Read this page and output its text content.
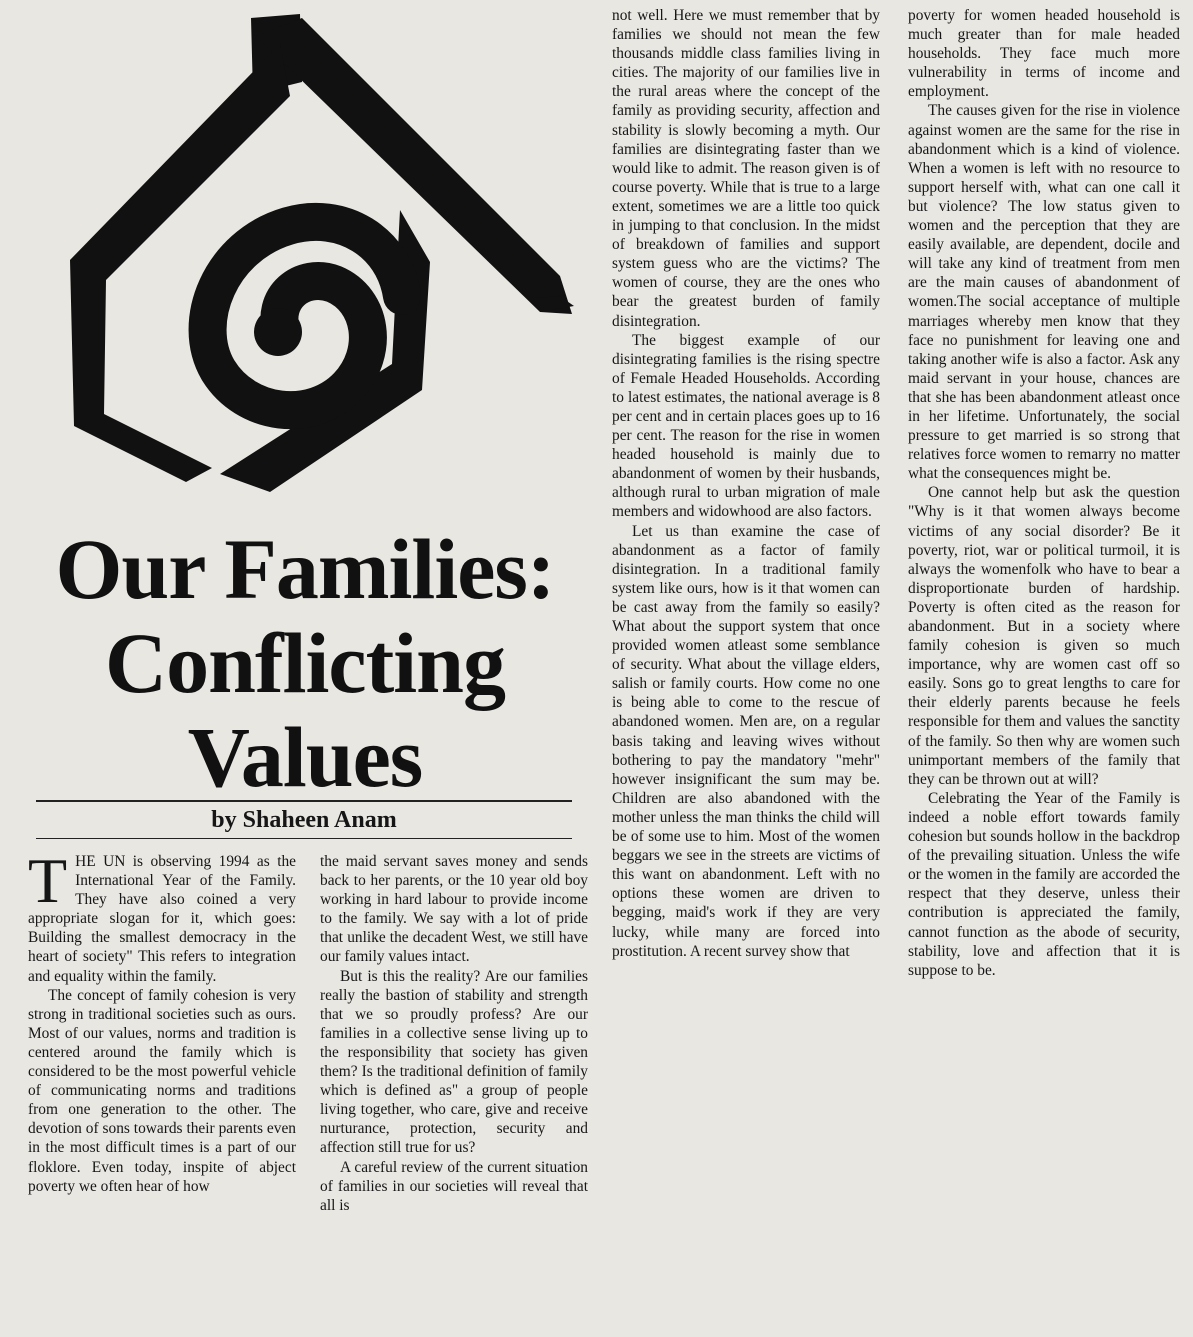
Our Families:
Conflicting
Values
by Shaheen Anam

THE UN is observing 1994 as the International Year of the Family. They have also coined a very appropriate slogan for it, which goes: Building the smallest democracy in the heart of society" This refers to integration and equality within the family.

The concept of family cohesion is very strong in traditional societies such as ours. Most of our values, norms and tradition is centered around the family which is considered to be the most powerful vehicle of communicating norms and traditions from one generation to the other. The devotion of sons towards their parents even in the most difficult times is a part of our floklore. Even today, inspite of abject poverty we often hear of how

the maid servant saves money and sends back to her parents, or the 10 year old boy working in hard labour to provide income to the family. We say with a lot of pride that unlike the decadent West, we still have our family values intact.

But is this the reality? Are our families really the bastion of stability and strength that we so proudly profess? Are our families in a collective sense living up to the responsibility that society has given them? Is the traditional definition of family which is defined as" a group of people living together, who care, give and receive nurturance, protection, security and affection still true for us?

A careful review of the current situation of families in our societies will reveal that all is

not well. Here we must remember that by families we should not mean the few thousands middle class families living in cities. The majority of our families live in the rural areas where the concept of the family as providing security, affection and stability is slowly becoming a myth. Our families are disintegrating faster than we would like to admit. The reason given is of course poverty. While that is true to a large extent, sometimes we are a little too quick in jumping to that conclusion. In the midst of breakdown of families and support system guess who are the victims? The women of course, they are the ones who bear the greatest burden of family disintegration.

The biggest example of our disintegrating families is the rising spectre of Female Headed Households. According to latest estimates, the national average is 8 per cent and in certain places goes up to 16 per cent. The reason for the rise in women headed household is mainly due to abandonment of women by their husbands, although rural to urban migration of male members and widowhood are also factors.

Let us than examine the case of abandonment as a factor of family disintegration. In a traditional family system like ours, how is it that women can be cast away from the family so easily? What about the support system that once provided women atleast some semblance of security. What about the village elders, salish or family courts. How come no one is being able to come to the rescue of abandoned women. Men are, on a regular basis taking and leaving wives without bothering to pay the mandatory "mehr" however insignificant the sum may be. Children are also abandoned with the mother unless the man thinks the child will be of some use to him. Most of the women beggars we see in the streets are victims of this want on abandonment. Left with no options these women are driven to begging, maid's work if they are very lucky, while many are forced into prostitution. A recent survey show that

poverty for women headed household is much greater than for male headed households. They face much more vulnerability in terms of income and employment.

The causes given for the rise in violence against women are the same for the rise in abandonment which is a kind of violence. When a women is left with no resource to support herself with, what can one call it but violence? The low status given to women and the perception that they are easily available, are dependent, docile and will take any kind of treatment from men are the main causes of abandonment of women.The social acceptance of multiple marriages whereby men know that they face no punishment for leaving one and taking another wife is also a factor. Ask any maid servant in your house, chances are that she has been abandonment atleast once in her lifetime. Unfortunately, the social pressure to get married is so strong that relatives force women to remarry no matter what the consequences might be.

One cannot help but ask the question "Why is it that women always become victims of any social disorder? Be it poverty, riot, war or political turmoil, it is always the womenfolk who have to bear a disproportionate burden of hardship. Poverty is often cited as the reason for abandonment. But in a society where family cohesion is given so much importance, why are women cast off so easily. Sons go to great lengths to care for their elderly parents because he feels responsible for them and values the sanctity of the family. So then why are women such unimportant members of the family that they can be thrown out at will?

Celebrating the Year of the Family is indeed a noble effort towards family cohesion but sounds hollow in the backdrop of the prevailing situation. Unless the wife or the women in the family are accorded the respect that they deserve, unless their contribution is appreciated the family, cannot function as the abode of security, stability, love and affection that it is suppose to be.
